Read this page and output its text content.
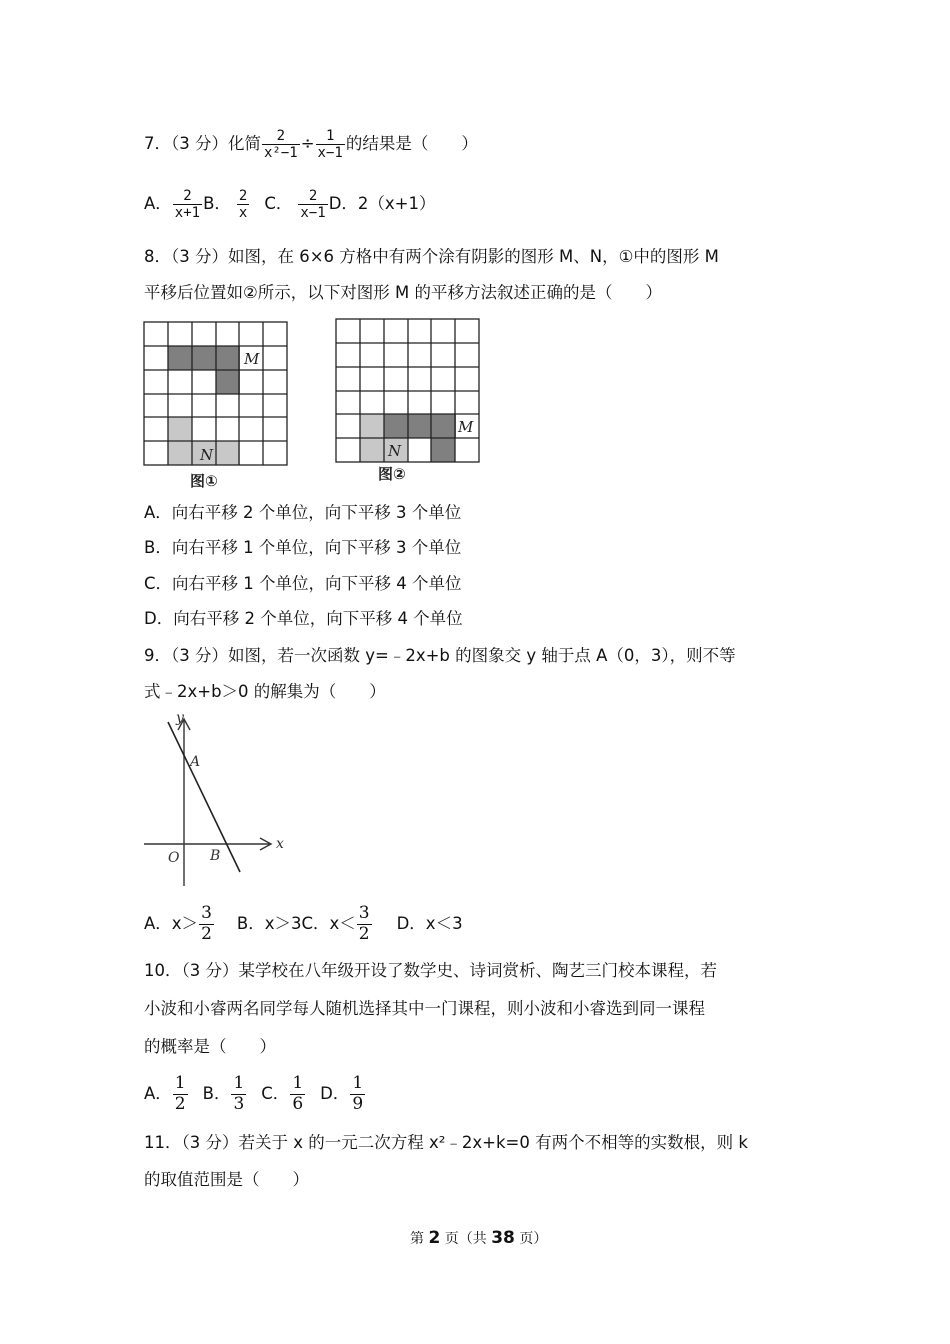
7．（3 分）化简 $\frac{2}{\text{x²−1}} \div \frac{1}{x-1}$ 的结果是（　　）
A． $\frac{2}{x+1}$ B． $\frac{2}{x}$ C． $\frac{2}{x-1}$ D．2（x+1）
8．（3 分）如图，在 6×6 方格中有两个涂有阴影的图形 M、N，①中的图形 M
平移后位置如②所示，以下对图形 M 的平移方法叙述正确的是（　　）
M
N
图①
M
N
图②
A．向右平移 2 个单位，向下平移 3 个单位
B．向右平移 1 个单位，向下平移 3 个单位
C．向右平移 1 个单位，向下平移 4 个单位
D．向右平移 2 个单位，向下平移 4 个单位
9．（3 分）如图，若一次函数 y=﹣2x+b 的图象交 y 轴于点 A（0，3），则不等
式﹣2x+b＞0 的解集为（　　）
y
x
A
B
O
A．$x> \frac{3}{2}$ B．x＞3C．$x< \frac{3}{2}$ D．x＜3
10．（3 分）某学校在八年级开设了数学史、诗词赏析、陶艺三门校本课程，若
小波和小睿两名同学每人随机选择其中一门课程，则小波和小睿选到同一课程
的概率是（　　）
A． $\frac{1}{2}$ B． $\frac{1}{3}$ C． $\frac{1}{6}$ D． $\frac{1}{9}$
11．（3 分）若关于 x 的一元二次方程 x²﹣2x+k=0 有两个不相等的实数根，则 k
的取值范围是（　　）
第 2 页（共 38 页）
